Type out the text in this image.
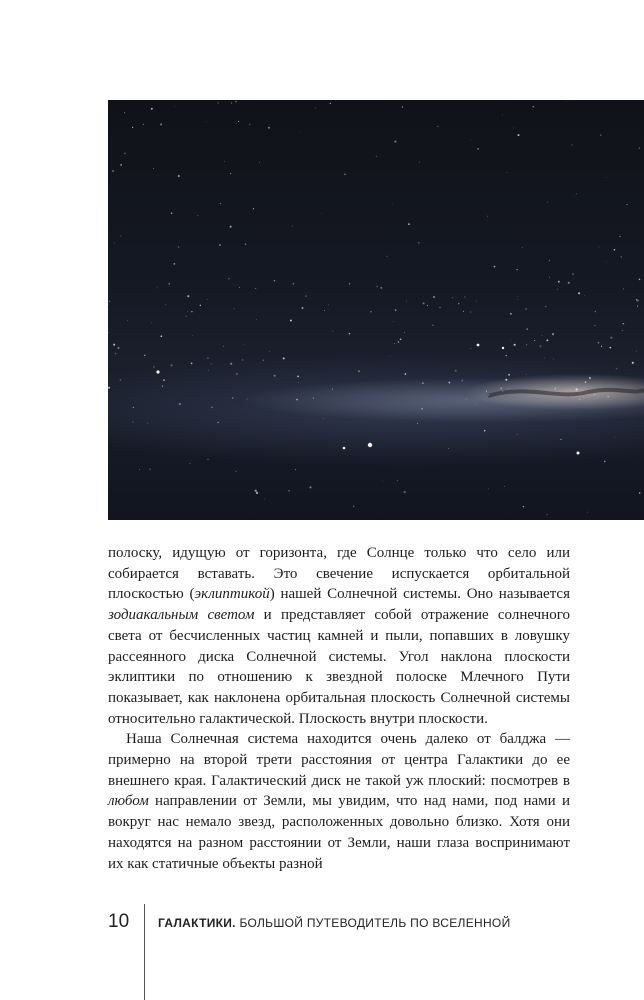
полоску, идущую от горизонта, где Солнце только что село или собирается вставать. Это свечение испускается орбитальной плоскостью (эклиптикой) нашей Солнечной системы. Оно называется зодиакальным светом и представляет собой отражение солнечного света от бесчисленных частиц камней и пыли, попавших в ловушку рассеянного диска Солнечной системы. Угол наклона плоскости эклиптики по отношению к звездной полоске Млечного Пути показывает, как наклонена орбитальная плоскость Солнечной системы относительно галактической. Плоскость внутри плоскости.

Наша Солнечная система находится очень далеко от балджа — примерно на второй трети расстояния от центра Галактики до ее внешнего края. Галактический диск не такой уж плоский: посмотрев в любом направлении от Земли, мы увидим, что над нами, под нами и вокруг нас немало звезд, расположенных довольно близко. Хотя они находятся на разном расстоянии от Земли, наши глаза воспринимают их как статичные объекты разной

10 ГАЛАКТИКИ. БОЛЬШОЙ ПУТЕВОДИТЕЛЬ ПО ВСЕЛЕННОЙ
